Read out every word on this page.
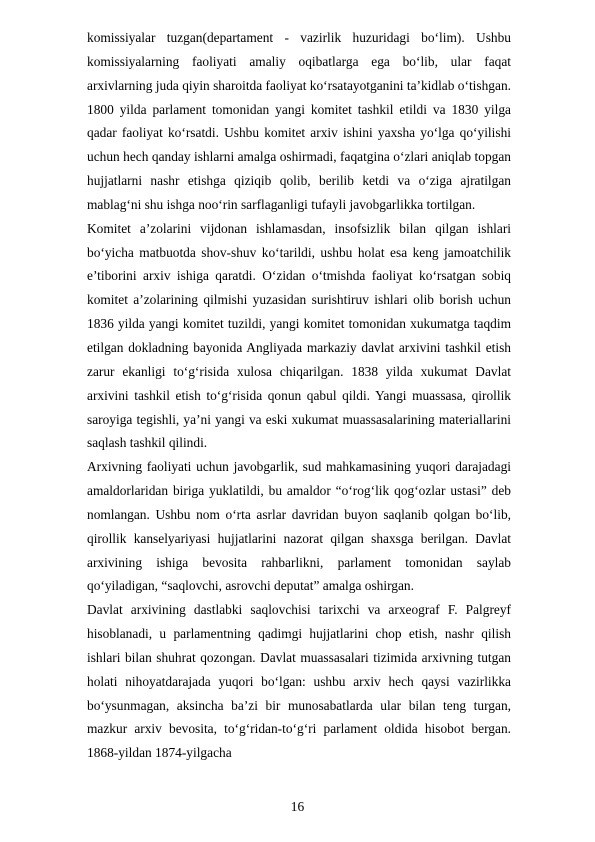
komissiyalar tuzgan(departament - vazirlik huzuridagi bo‘lim). Ushbu komissiyalarning faoliyati amaliy oqibatlarga ega bo‘lib, ular faqat arxivlarning juda qiyin sharoitda faoliyat ko‘rsatayotganini ta’kidlab o‘tishgan. 1800 yilda parlament tomonidan yangi komitet tashkil etildi va 1830 yilga qadar faoliyat ko‘rsatdi. Ushbu komitet arxiv ishini yaxsha yo‘lga qo‘yilishi uchun hech qanday ishlarni amalga oshirmadi, faqatgina o‘zlari aniqlab topgan hujjatlarni nashr etishga qiziqib qolib, berilib ketdi va o‘ziga ajratilgan mablag‘ni shu ishga noo‘rin sarflaganligi tufayli javobgarlikka tortilgan.

Komitet a’zolarini vijdonan ishlamasdan, insofsizlik bilan qilgan ishlari bo‘yicha matbuotda shov-shuv ko‘tarildi, ushbu holat esa keng jamoatchilik e’tiborini arxiv ishiga qaratdi. O‘zidan o‘tmishda faoliyat ko‘rsatgan sobiq komitet a’zolarining qilmishi yuzasidan surishtiruv ishlari olib borish uchun 1836 yilda yangi komitet tuzildi, yangi komitet tomonidan xukumatga taqdim etilgan dokladning bayonida Angliyada markaziy davlat arxivini tashkil etish zarur ekanligi to‘g‘risida xulosa chiqarilgan. 1838 yilda xukumat Davlat arxivini tashkil etish to‘g‘risida qonun qabul qildi. Yangi muassasa, qirollik saroyiga tegishli, ya’ni yangi va eski xukumat muassasalarining materiallarini saqlash tashkil qilindi.

Arxivning faoliyati uchun javobgarlik, sud mahkamasining yuqori darajadagi amaldorlaridan biriga yuklatildi, bu amaldor “o‘rog‘lik qog‘ozlar ustasi” deb nomlangan. Ushbu nom o‘rta asrlar davridan buyon saqlanib qolgan bo‘lib, qirollik kanselyariyasi hujjatlarini nazorat qilgan shaxsga berilgan. Davlat arxivining ishiga bevosita rahbarlikni, parlament tomonidan saylab qo‘yiladigan, “saqlovchi, asrovchi deputat” amalga oshirgan.

Davlat arxivining dastlabki saqlovchisi tarixchi va arxeograf F. Palgreyf hisoblanadi, u parlamentning qadimgi hujjatlarini chop etish, nashr qilish ishlari bilan shuhrat qozongan. Davlat muassasalari tizimida arxivning tutgan holati nihoyatdarajada yuqori bo‘lgan: ushbu arxiv hech qaysi vazirlikka bo‘ysunmagan, aksincha ba’zi bir munosabatlarda ular bilan teng turgan, mazkur arxiv bevosita, to‘g‘ridan-to‘g‘ri parlament oldida hisobot bergan. 1868-yildan 1874-yilgacha

16
